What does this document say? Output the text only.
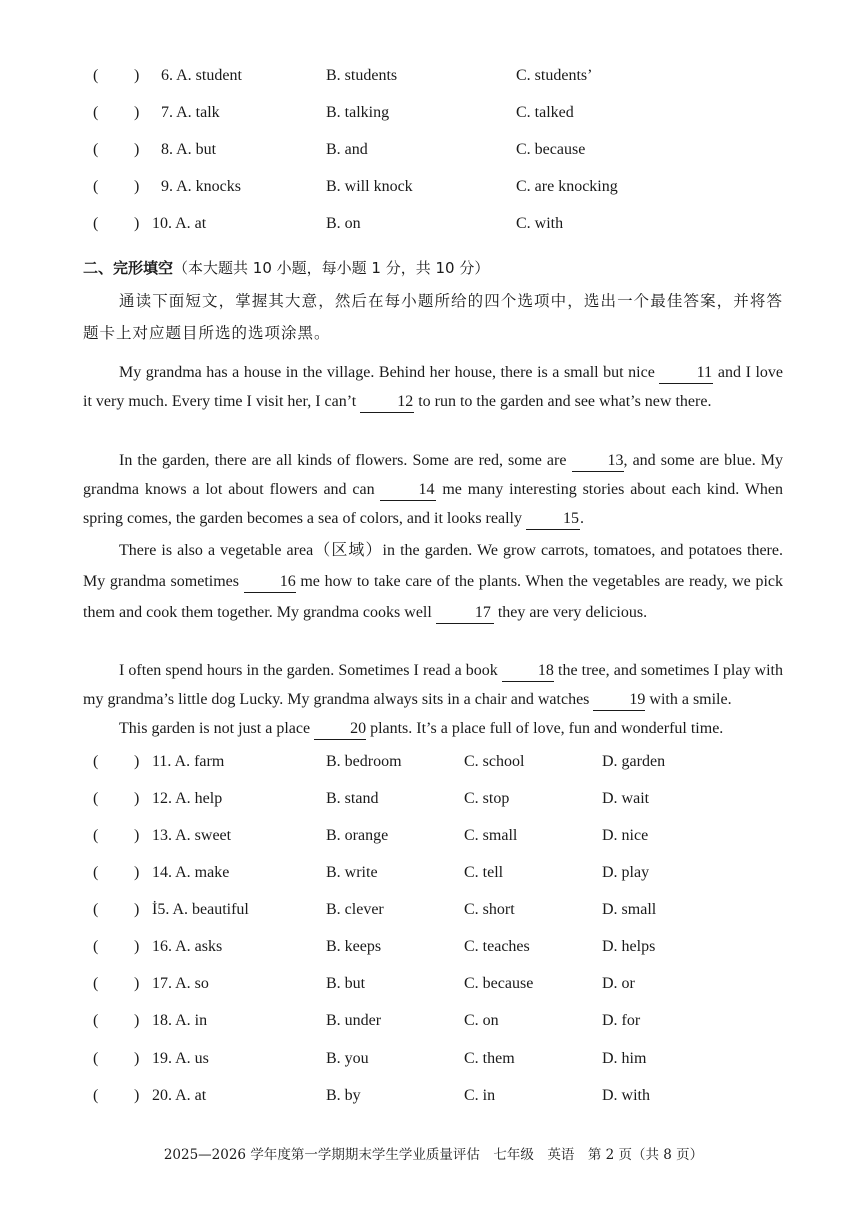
( ) 6. A. student	B. students	C. students’
( ) 7. A. talk	B. talking	C. talked
( ) 8. A. but	B. and	C. because
( ) 9. A. knocks	B. will knock	C. are knocking
( ) 10. A. at	B. on	C. with
二、完形填空（本大题共 10 小题，每小题 1 分，共 10 分）
通读下面短文，掌握其大意，然后在每小题所给的四个选项中，选出一个最佳答案，并将答题卡上对应题目所选的选项涂黑。
My grandma has a house in the village. Behind her house, there is a small but nice 11 and I love it very much. Every time I visit her, I can’t 12 to run to the garden and see what’s new there.
In the garden, there are all kinds of flowers. Some are red, some are 13, and some are blue. My grandma knows a lot about flowers and can 14 me many interesting stories about each kind. When spring comes, the garden becomes a sea of colors, and it looks really 15.
There is also a vegetable area（区域）in the garden. We grow carrots, tomatoes, and potatoes there. My grandma sometimes 16 me how to take care of the plants. When the vegetables are ready, we pick them and cook them together. My grandma cooks well 17 they are very delicious.
I often spend hours in the garden. Sometimes I read a book 18 the tree, and sometimes I play with my grandma’s little dog Lucky. My grandma always sits in a chair and watches 19 with a smile.
This garden is not just a place 20 plants. It’s a place full of love, fun and wonderful time.
( ) 11. A. farm	B. bedroom	C. school	D. garden
( ) 12. A. help	B. stand	C. stop	D. wait
( ) 13. A. sweet	B. orange	C. small	D. nice
( ) 14. A. make	B. write	C. tell	D. play
( ) İ5. A. beautiful	B. clever	C. short	D. small
( ) 16. A. asks	B. keeps	C. teaches	D. helps
( ) 17. A. so	B. but	C. because	D. or
( ) 18. A. in	B. under	C. on	D. for
( ) 19. A. us	B. you	C. them	D. him
( ) 20. A. at	B. by	C. in	D. with
2025—2026 学年度第一学期期末学生学业质量评估　七年级　英语　第 2 页（共 8 页）
